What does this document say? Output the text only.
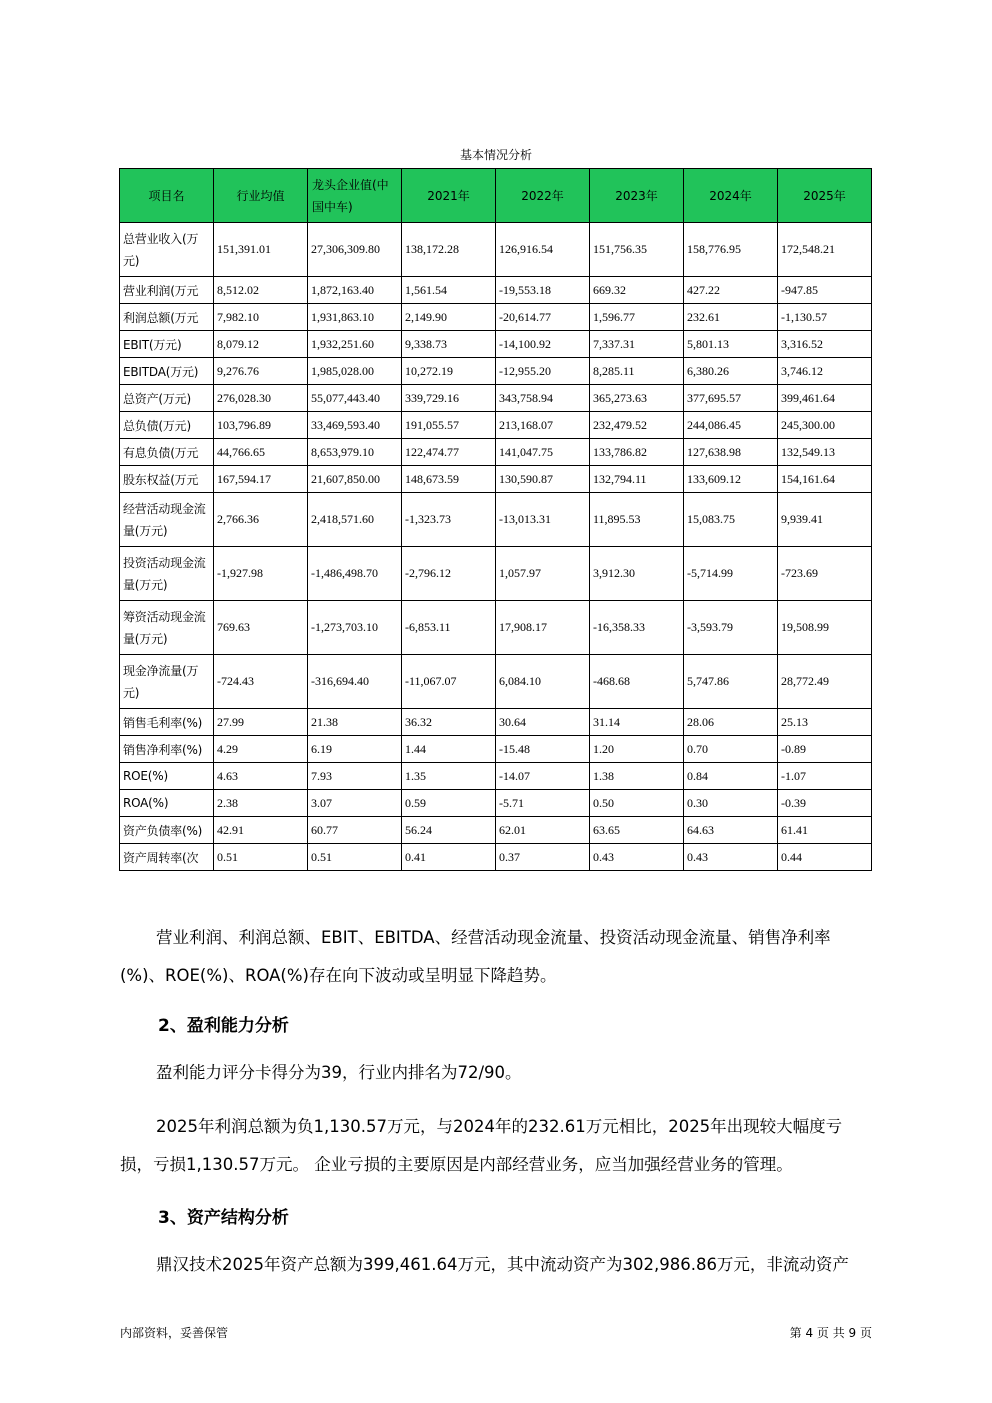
基本情况分析
项目名	行业均值	龙头企业值(中国中车)	2021年	2022年	2023年	2024年	2025年
总营业收入(万元)	151,391.01	27,306,309.80	138,172.28	126,916.54	151,756.35	158,776.95	172,548.21
营业利润(万元	8,512.02	1,872,163.40	1,561.54	-19,553.18	669.32	427.22	-947.85
利润总额(万元	7,982.10	1,931,863.10	2,149.90	-20,614.77	1,596.77	232.61	-1,130.57
EBIT(万元)	8,079.12	1,932,251.60	9,338.73	-14,100.92	7,337.31	5,801.13	3,316.52
EBITDA(万元)	9,276.76	1,985,028.00	10,272.19	-12,955.20	8,285.11	6,380.26	3,746.12
总资产(万元)	276,028.30	55,077,443.40	339,729.16	343,758.94	365,273.63	377,695.57	399,461.64
总负债(万元)	103,796.89	33,469,593.40	191,055.57	213,168.07	232,479.52	244,086.45	245,300.00
有息负债(万元	44,766.65	8,653,979.10	122,474.77	141,047.75	133,786.82	127,638.98	132,549.13
股东权益(万元	167,594.17	21,607,850.00	148,673.59	130,590.87	132,794.11	133,609.12	154,161.64
经营活动现金流量(万元)	2,766.36	2,418,571.60	-1,323.73	-13,013.31	11,895.53	15,083.75	9,939.41
投资活动现金流量(万元)	-1,927.98	-1,486,498.70	-2,796.12	1,057.97	3,912.30	-5,714.99	-723.69
筹资活动现金流量(万元)	769.63	-1,273,703.10	-6,853.11	17,908.17	-16,358.33	-3,593.79	19,508.99
现金净流量(万元)	-724.43	-316,694.40	-11,067.07	6,084.10	-468.68	5,747.86	28,772.49
销售毛利率(%)	27.99	21.38	36.32	30.64	31.14	28.06	25.13
销售净利率(%)	4.29	6.19	1.44	-15.48	1.20	0.70	-0.89
ROE(%)	4.63	7.93	1.35	-14.07	1.38	0.84	-1.07
ROA(%)	2.38	3.07	0.59	-5.71	0.50	0.30	-0.39
资产负债率(%)	42.91	60.77	56.24	62.01	63.65	64.63	61.41
资产周转率(次	0.51	0.51	0.41	0.37	0.43	0.43	0.44
营业利润、利润总额、EBIT、EBITDA、经营活动现金流量、投资活动现金流量、销售净利率(%)、ROE(%)、ROA(%)存在向下波动或呈明显下降趋势。
2、盈利能力分析
盈利能力评分卡得分为39，行业内排名为72/90。
2025年利润总额为负1,130.57万元，与2024年的232.61万元相比，2025年出现较大幅度亏损，亏损1,130.57万元。 企业亏损的主要原因是内部经营业务，应当加强经营业务的管理。
3、资产结构分析
鼎汉技术2025年资产总额为399,461.64万元，其中流动资产为302,986.86万元，非流动资产
内部资料，妥善保管	第 4 页 共 9 页
